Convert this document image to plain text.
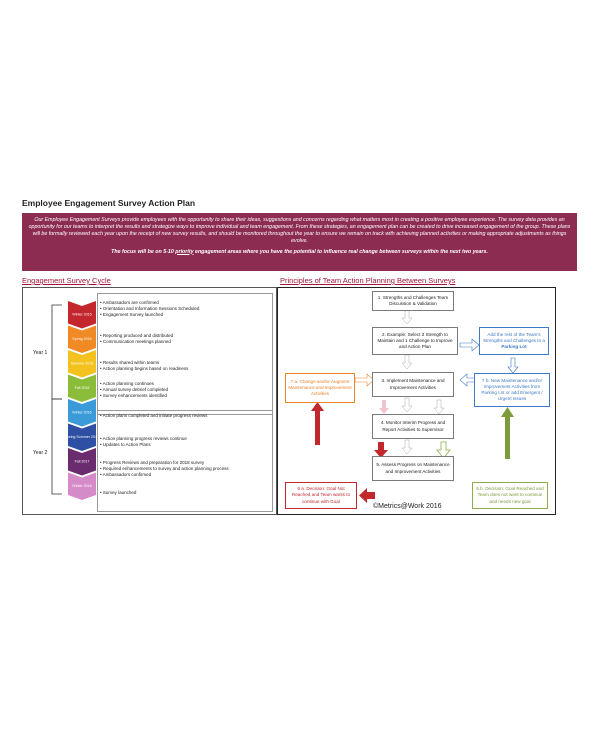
Employee Engagement Survey Action Plan
Our Employee Engagement Surveys provide employees with the opportunity to share their ideas, suggestions and concerns regarding what matters most in creating a positive employee experience. The survey data provides an opportunity for our teams to interpret the results and strategize ways to improve individual and team engagement. From these strategies, an engagement plan can be created to drive increased engagement of the group. These plans will be formally reviewed each year upon the receipt of new survey results, and should be monitored throughout the year to ensure we remain on track with achieving planned activities or making appropriate adjustments as things evolve.
The focus will be on 5-10 priority engagement areas where you have the potential to influence real change between surveys within the next two years.
Engagement Survey Cycle
Winter 2015
Spring 2016
Summer 2016
Fall 2016
Winter 2016
Spring Summer 2017
Fall 2017
Winter 2018
Year 1
Year 2
• Ambassadors are confirmed
• Orientation and Information Sessions Scheduled
• Engagement Survey launched
• Reporting produced and distributed
• Communication meetings planned
• Results shared within teams
• Action planning begins based on readiness
• Action planning continues
• Annual survey debrief completed
• Survey enhancements identified
• Action plans completed and initiate progress reviews
• Action planning progress reviews continue
• Updates to Action Plans
• Progress Reviews and preparation for 2018 survey
• Required enhancements to survey and action planning process
• Ambassadors confirmed
• Survey launched
Principles of Team Action Planning Between Surveys
1. Strengths and Challenges Team Discussion & Validation
2. Example: Select 3 Strength to Maintain and 1 Challenge to Improve and Action Plan
Add the rest of the Team's Strengths and Challenges to a Parking Lot
7 b. New Maintenance and/or Improvement Activities from Parking Lot or add Emergent / Urgent Issues
7 a. Change and/or Augment Maintenance and Improvement Activities
3. Implement Maintenance and Improvement Activities
4. Monitor Interim Progress and Report Activities to Supervisor
5. Assess Progress on Maintenance and Improvement Activities
6 a. Decision: Goal Not Reached and Team wants to continue with Goal
6 b. Decision: Goal Reached and Team does not want to continue and needs new goal
©Metrics@Work 2016
